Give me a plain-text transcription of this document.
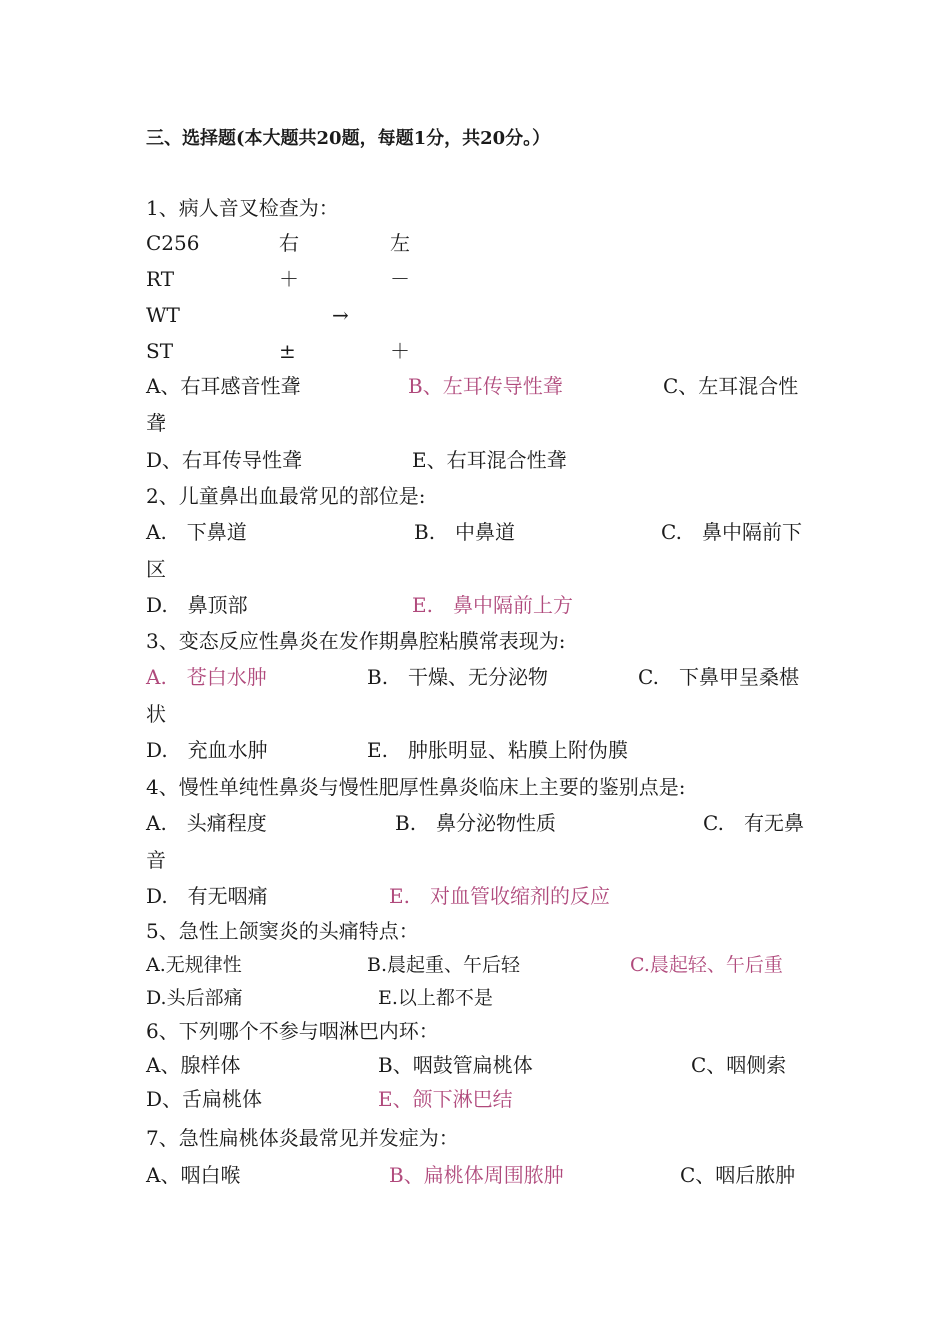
三、选择题(本大题共20题，每题1分，共20分。）
1、病人音叉检查为：
C256	右	左
RT	＋	－
WT	→
ST	±	＋
A、右耳感音性聋	B、左耳传导性聋	C、左耳混合性
聋
D、右耳传导性聋	E、右耳混合性聋
2、儿童鼻出血最常见的部位是:
A.　下鼻道	B.　中鼻道	C.　鼻中隔前下
区
D.　鼻顶部	E.　鼻中隔前上方
3、变态反应性鼻炎在发作期鼻腔粘膜常表现为:
A.　苍白水肿	B.　干燥、无分泌物	C.　下鼻甲呈桑椹
状
D.　充血水肿	E.　肿胀明显、粘膜上附伪膜
4、慢性单纯性鼻炎与慢性肥厚性鼻炎临床上主要的鉴别点是:
A.　头痛程度	B.　鼻分泌物性质	C.　有无鼻
音
D.　有无咽痛	E.　对血管收缩剂的反应
5、急性上颌窦炎的头痛特点：
A.无规律性	B.晨起重、午后轻	C.晨起轻、午后重
D.头后部痛	E.以上都不是
6、下列哪个不参与咽淋巴内环：
A、腺样体	B、咽鼓管扁桃体	C、咽侧索
D、舌扁桃体	E、颌下淋巴结
7、急性扁桃体炎最常见并发症为：
A、咽白喉	B、扁桃体周围脓肿	C、咽后脓肿
